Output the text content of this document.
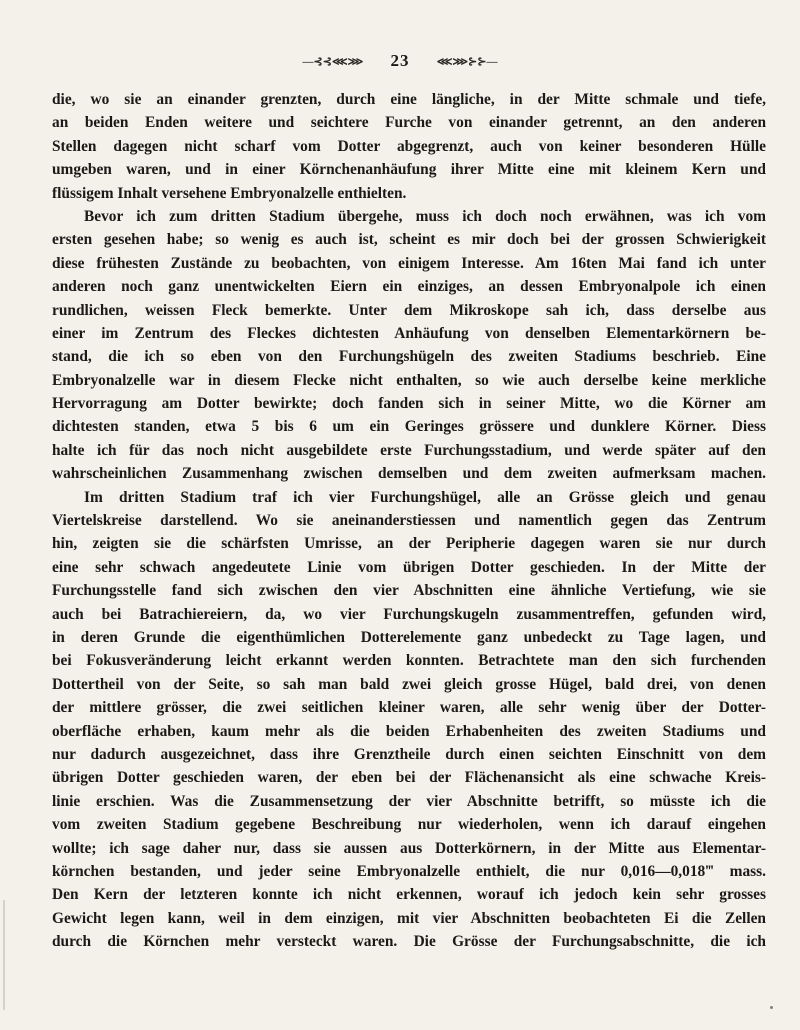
—⊰⊰⋘⋙ 23 ⋘⋙⊱⊱—
die, wo sie an einander grenzten, durch eine längliche, in der Mitte schmale und tiefe,
an beiden Enden weitere und seichtere Furche von einander getrennt, an den anderen
Stellen dagegen nicht scharf vom Dotter abgegrenzt, auch von keiner besonderen Hülle
umgeben waren, und in einer Körnchenanhäufung ihrer Mitte eine mit kleinem Kern und
flüssigem Inhalt versehene Embryonalzelle enthielten.
Bevor ich zum dritten Stadium übergehe, muss ich doch noch erwähnen, was ich vom
ersten gesehen habe; so wenig es auch ist, scheint es mir doch bei der grossen Schwierigkeit
diese frühesten Zustände zu beobachten, von einigem Interesse. Am 16ten Mai fand ich unter
anderen noch ganz unentwickelten Eiern ein einziges, an dessen Embryonalpole ich einen
rundlichen, weissen Fleck bemerkte. Unter dem Mikroskope sah ich, dass derselbe aus
einer im Zentrum des Fleckes dichtesten Anhäufung von denselben Elementarkörnern be-
stand, die ich so eben von den Furchungshügeln des zweiten Stadiums beschrieb. Eine
Embryonalzelle war in diesem Flecke nicht enthalten, so wie auch derselbe keine merkliche
Hervorragung am Dotter bewirkte; doch fanden sich in seiner Mitte, wo die Körner am
dichtesten standen, etwa 5 bis 6 um ein Geringes grössere und dunklere Körner. Diess
halte ich für das noch nicht ausgebildete erste Furchungsstadium, und werde später auf den
wahrscheinlichen Zusammenhang zwischen demselben und dem zweiten aufmerksam machen.
Im dritten Stadium traf ich vier Furchungshügel, alle an Grösse gleich und genau
Viertelskreise darstellend. Wo sie aneinanderstiessen und namentlich gegen das Zentrum
hin, zeigten sie die schärfsten Umrisse, an der Peripherie dagegen waren sie nur durch
eine sehr schwach angedeutete Linie vom übrigen Dotter geschieden. In der Mitte der
Furchungsstelle fand sich zwischen den vier Abschnitten eine ähnliche Vertiefung, wie sie
auch bei Batrachiereiern, da, wo vier Furchungskugeln zusammentreffen, gefunden wird,
in deren Grunde die eigenthümlichen Dotterelemente ganz unbedeckt zu Tage lagen, und
bei Fokusveränderung leicht erkannt werden konnten. Betrachtete man den sich furchenden
Dottertheil von der Seite, so sah man bald zwei gleich grosse Hügel, bald drei, von denen
der mittlere grösser, die zwei seitlichen kleiner waren, alle sehr wenig über der Dotter-
oberfläche erhaben, kaum mehr als die beiden Erhabenheiten des zweiten Stadiums und
nur dadurch ausgezeichnet, dass ihre Grenztheile durch einen seichten Einschnitt von dem
übrigen Dotter geschieden waren, der eben bei der Flächenansicht als eine schwache Kreis-
linie erschien. Was die Zusammensetzung der vier Abschnitte betrifft, so müsste ich die
vom zweiten Stadium gegebene Beschreibung nur wiederholen, wenn ich darauf eingehen
wollte; ich sage daher nur, dass sie aussen aus Dotterkörnern, in der Mitte aus Elementar-
körnchen bestanden, und jeder seine Embryonalzelle enthielt, die nur 0,016—0,018‴ mass.
Den Kern der letzteren konnte ich nicht erkennen, worauf ich jedoch kein sehr grosses
Gewicht legen kann, weil in dem einzigen, mit vier Abschnitten beobachteten Ei die Zellen
durch die Körnchen mehr versteckt waren. Die Grösse der Furchungsabschnitte, die ich
